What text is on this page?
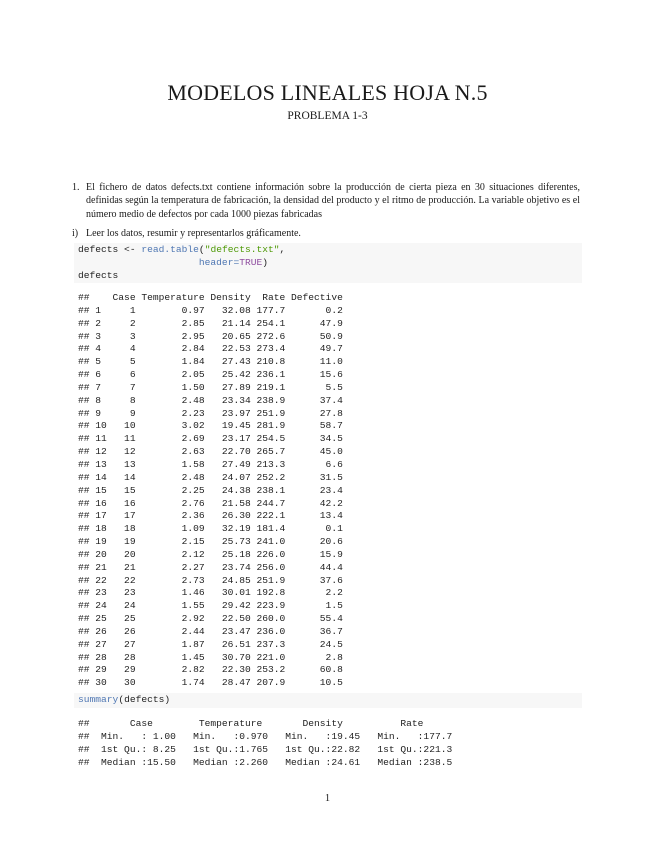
MODELOS LINEALES HOJA N.5
PROBLEMA 1-3
1. El fichero de datos defects.txt contiene información sobre la producción de cierta pieza en 30 situaciones diferentes, definidas según la temperatura de fabricación, la densidad del producto y el ritmo de producción. La variable objetivo es el número medio de defectos por cada 1000 piezas fabricadas
i) Leer los datos, resumir y representarlos gráficamente.
defects <- read.table("defects.txt",
header=TRUE)
defects
##    Case Temperature Density  Rate Defective
## 1     1        0.97   32.08 177.7       0.2
## 2     2        2.85   21.14 254.1      47.9
## 3     3        2.95   20.65 272.6      50.9
## 4     4        2.84   22.53 273.4      49.7
## 5     5        1.84   27.43 210.8      11.0
## 6     6        2.05   25.42 236.1      15.6
## 7     7        1.50   27.89 219.1       5.5
## 8     8        2.48   23.34 238.9      37.4
## 9     9        2.23   23.97 251.9      27.8
## 10   10        3.02   19.45 281.9      58.7
## 11   11        2.69   23.17 254.5      34.5
## 12   12        2.63   22.70 265.7      45.0
## 13   13        1.58   27.49 213.3       6.6
## 14   14        2.48   24.07 252.2      31.5
## 15   15        2.25   24.38 238.1      23.4
## 16   16        2.76   21.58 244.7      42.2
## 17   17        2.36   26.30 222.1      13.4
## 18   18        1.09   32.19 181.4       0.1
## 19   19        2.15   25.73 241.0      20.6
## 20   20        2.12   25.18 226.0      15.9
## 21   21        2.27   23.74 256.0      44.4
## 22   22        2.73   24.85 251.9      37.6
## 23   23        1.46   30.01 192.8       2.2
## 24   24        1.55   29.42 223.9       1.5
## 25   25        2.92   22.50 260.0      55.4
## 26   26        2.44   23.47 236.0      36.7
## 27   27        1.87   26.51 237.3      24.5
## 28   28        1.45   30.70 221.0       2.8
## 29   29        2.82   22.30 253.2      60.8
## 30   30        1.74   28.47 207.9      10.5
summary(defects)
##       Case        Temperature       Density          Rate
##  Min.   : 1.00   Min.   :0.970   Min.   :19.45   Min.   :177.7
##  1st Qu.: 8.25   1st Qu.:1.765   1st Qu.:22.82   1st Qu.:221.3
##  Median :15.50   Median :2.260   Median :24.61   Median :238.5
1
